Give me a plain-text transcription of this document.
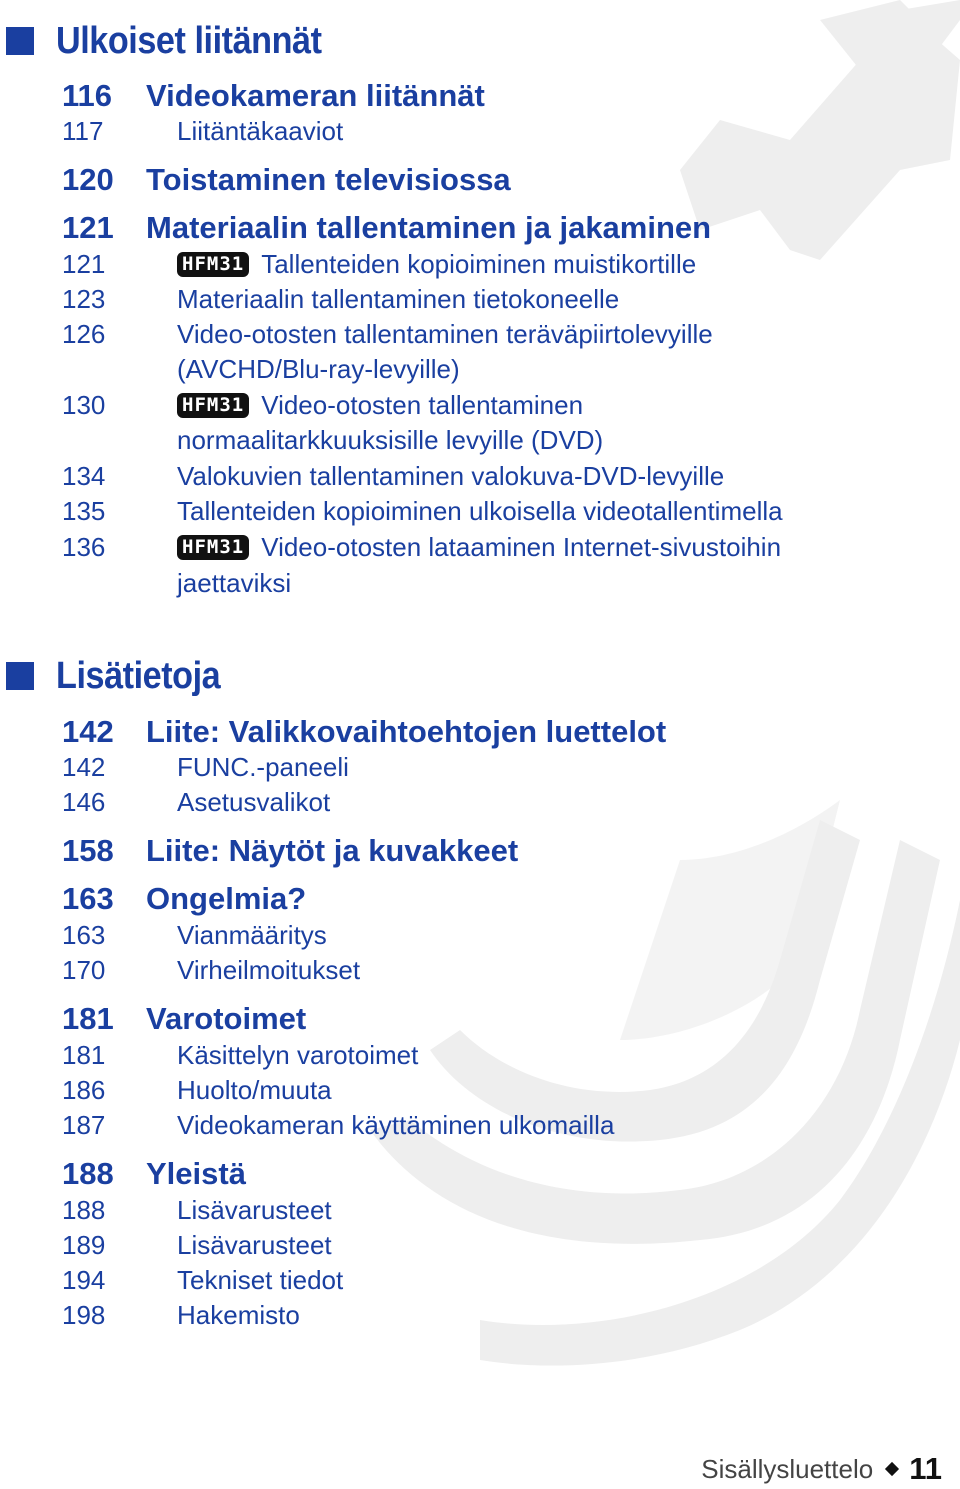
Ulkoiset liitännät
116 Videokameran liitännät
117	Liitäntäkaaviot
120 Toistaminen televisiossa
121 Materiaalin tallentaminen ja jakaminen
121	HFM31 Tallenteiden kopioiminen muistikortille
123	Materiaalin tallentaminen tietokoneelle
126	Video-otosten tallentaminen teräväpiirtolevyille
(AVCHD/Blu-ray-levyille)
130	HFM31 Video-otosten tallentaminen
normaalitarkkuuksisille levyille (DVD)
134	Valokuvien tallentaminen valokuva-DVD-levyille
135	Tallenteiden kopioiminen ulkoisella videotallentimella
136	HFM31 Video-otosten lataaminen Internet-sivustoihin
jaettaviksi
Lisätietoja
142 Liite: Valikkovaihtoehtojen luettelot
142	FUNC.-paneeli
146	Asetusvalikot
158 Liite: Näytöt ja kuvakkeet
163 Ongelmia?
163	Vianmääritys
170	Virheilmoitukset
181 Varotoimet
181	Käsittelyn varotoimet
186	Huolto/muuta
187	Videokameran käyttäminen ulkomailla
188 Yleistä
188	Lisävarusteet
189	Lisävarusteet
194	Tekniset tiedot
198	Hakemisto
Sisällysluettelo 11
